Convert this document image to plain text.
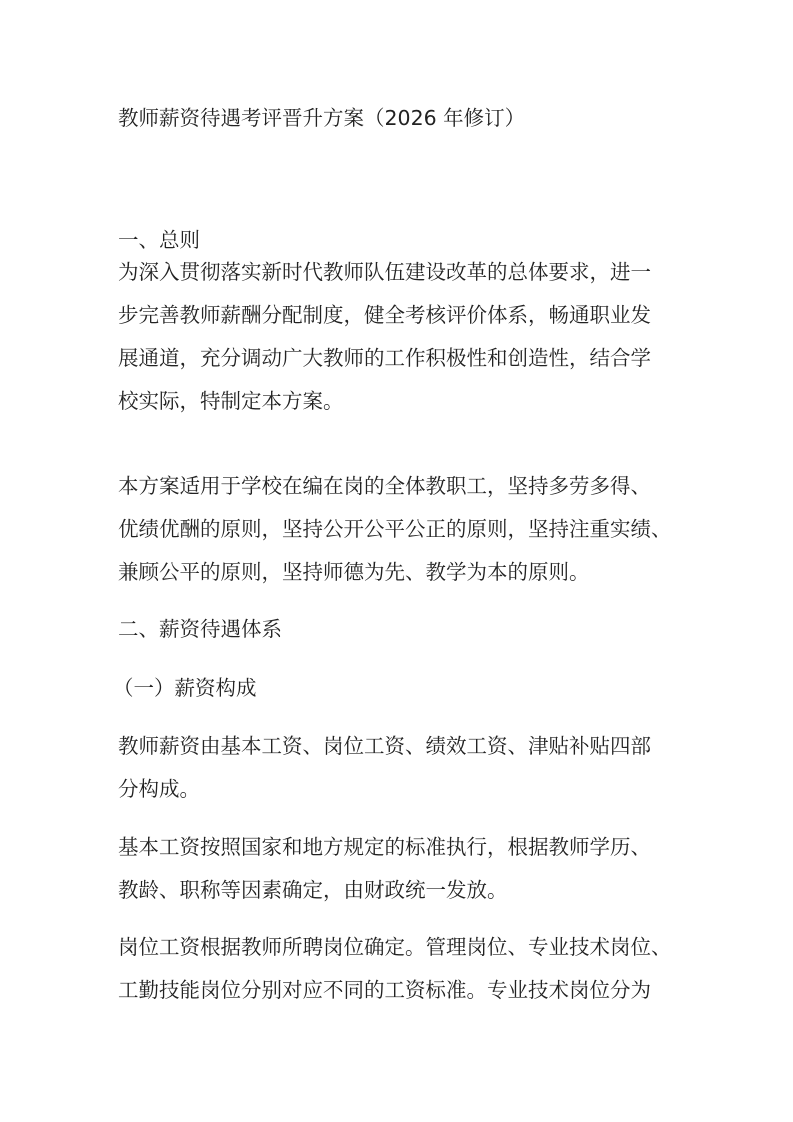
教师薪资待遇考评晋升方案（2026 年修订）
一、总则
为深入贯彻落实新时代教师队伍建设改革的总体要求，进一
步完善教师薪酬分配制度，健全考核评价体系，畅通职业发
展通道，充分调动广大教师的工作积极性和创造性，结合学
校实际，特制定本方案。
本方案适用于学校在编在岗的全体教职工，坚持多劳多得、
优绩优酬的原则，坚持公开公平公正的原则，坚持注重实绩、
兼顾公平的原则，坚持师德为先、教学为本的原则。
二、薪资待遇体系
（一）薪资构成
教师薪资由基本工资、岗位工资、绩效工资、津贴补贴四部
分构成。
基本工资按照国家和地方规定的标准执行，根据教师学历、
教龄、职称等因素确定，由财政统一发放。
岗位工资根据教师所聘岗位确定。管理岗位、专业技术岗位、
工勤技能岗位分别对应不同的工资标准。专业技术岗位分为
